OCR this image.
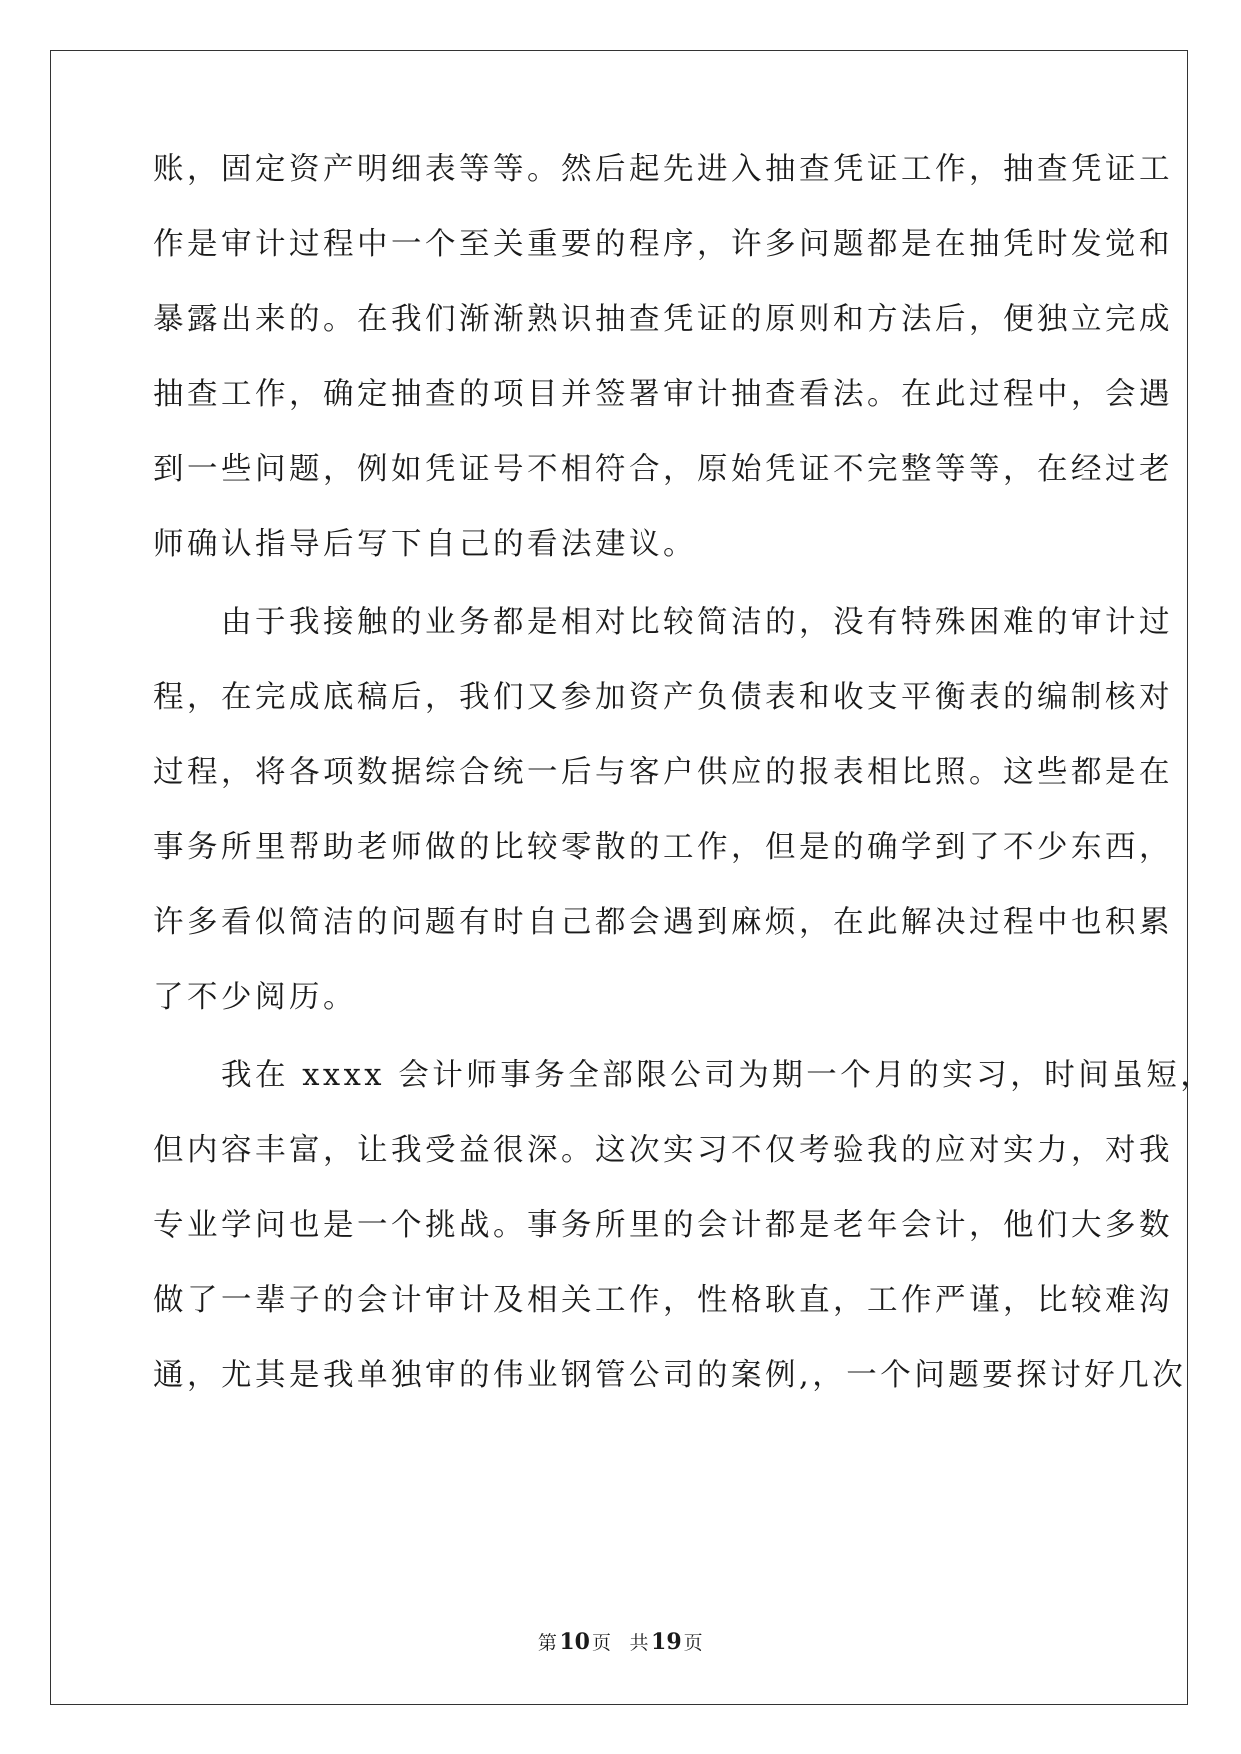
账，固定资产明细表等等。然后起先进入抽查凭证工作，抽查凭证工
作是审计过程中一个至关重要的程序，许多问题都是在抽凭时发觉和
暴露出来的。在我们渐渐熟识抽查凭证的原则和方法后，便独立完成
抽查工作，确定抽查的项目并签署审计抽查看法。在此过程中，会遇
到一些问题，例如凭证号不相符合，原始凭证不完整等等，在经过老
师确认指导后写下自己的看法建议。
　　由于我接触的业务都是相对比较简洁的，没有特殊困难的审计过
程，在完成底稿后，我们又参加资产负债表和收支平衡表的编制核对
过程，将各项数据综合统一后与客户供应的报表相比照。这些都是在
事务所里帮助老师做的比较零散的工作，但是的确学到了不少东西，
许多看似简洁的问题有时自己都会遇到麻烦，在此解决过程中也积累
了不少阅历。
　　我在 xxxx 会计师事务全部限公司为期一个月的实习，时间虽短，
但内容丰富，让我受益很深。这次实习不仅考验我的应对实力，对我
专业学问也是一个挑战。事务所里的会计都是老年会计，他们大多数
做了一辈子的会计审计及相关工作，性格耿直，工作严谨，比较难沟
通，尤其是我单独审的伟业钢管公司的案例,，一个问题要探讨好几次
第10 页 共19 页
